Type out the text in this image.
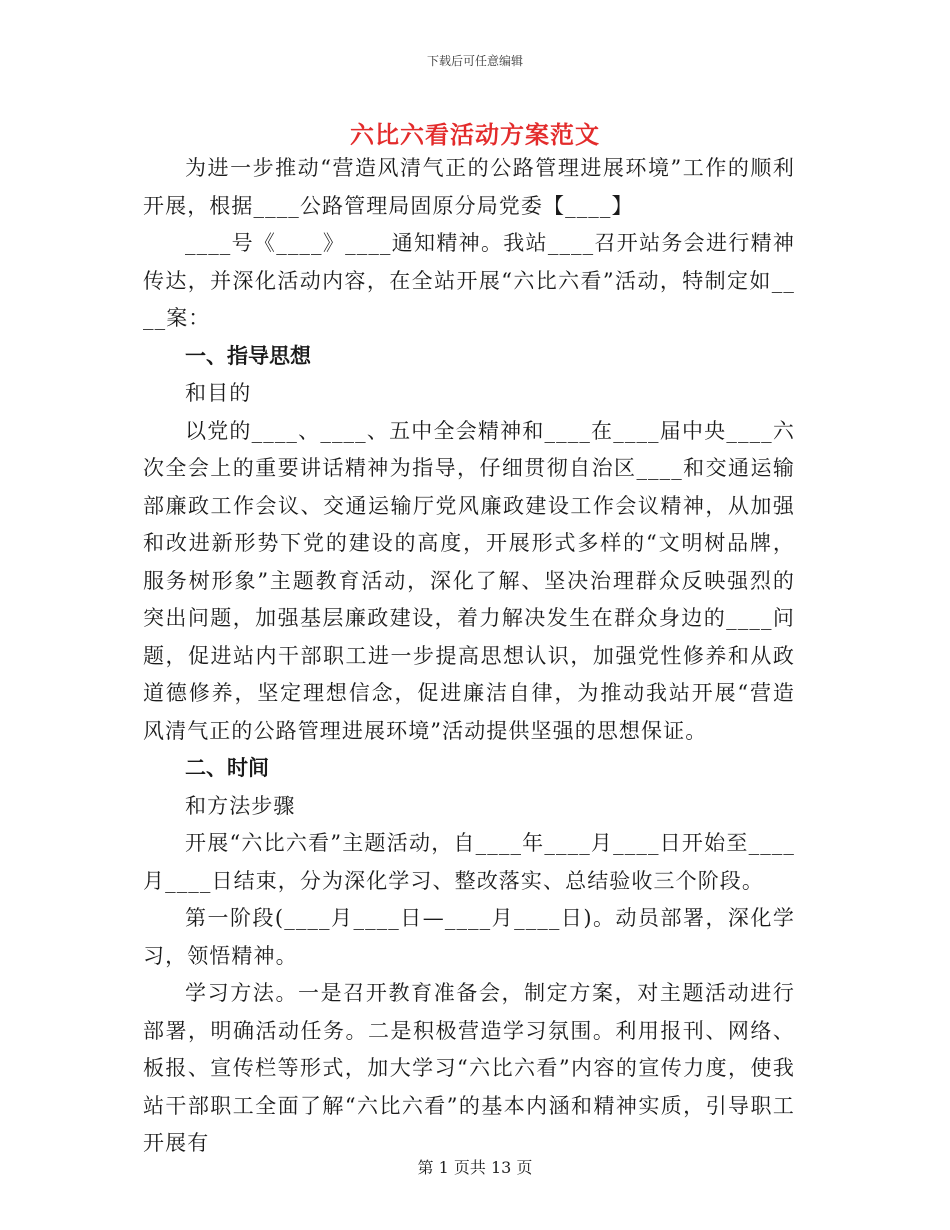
下载后可任意编辑
六比六看活动方案范文

为进一步推动“营造风清气正的公路管理进展环境”工作的顺利开展，根据____公路管理局固原分局党委【____】

____号《____》____通知精神。我站____召开站务会进行精神传达，并深化活动内容，在全站开展“六比六看”活动，特制定如____案：

一、指导思想

和目的

以党的____、____、五中全会精神和____在____届中央____六次全会上的重要讲话精神为指导，仔细贯彻自治区____和交通运输部廉政工作会议、交通运输厅党风廉政建设工作会议精神，从加强和改进新形势下党的建设的高度，开展形式多样的“文明树品牌，服务树形象”主题教育活动，深化了解、坚决治理群众反映强烈的突出问题，加强基层廉政建设，着力解决发生在群众身边的____问题，促进站内干部职工进一步提高思想认识，加强党性修养和从政道德修养，坚定理想信念，促进廉洁自律，为推动我站开展“营造风清气正的公路管理进展环境”活动提供坚强的思想保证。

二、时间

和方法步骤

开展“六比六看”主题活动，自____年____月____日开始至____月____日结束，分为深化学习、整改落实、总结验收三个阶段。

第一阶段(____月____日—____月____日)。动员部署，深化学习，领悟精神。

学习方法。一是召开教育准备会，制定方案，对主题活动进行部署，明确活动任务。二是积极营造学习氛围。利用报刊、网络、板报、宣传栏等形式，加大学习“六比六看”内容的宣传力度，使我站干部职工全面了解“六比六看”的基本内涵和精神实质，引导职工开展有

第 1 页共 13 页
